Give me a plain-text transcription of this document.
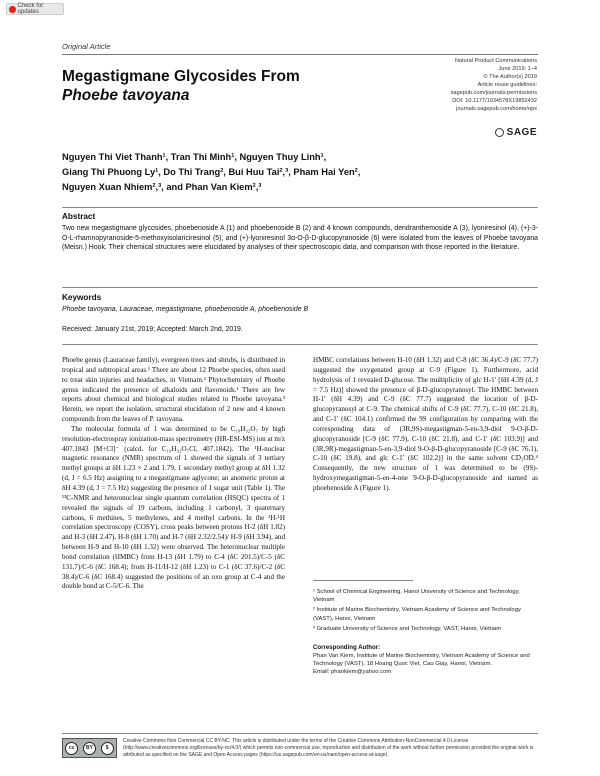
Check for updates
Original Article
Megastigmane Glycosides From
Phoebe tavoyana
Natural Product Communications
June 2019: 1–4
© The Author(s) 2019
Article reuse guidelines:
sagepub.com/journals-permissions
DOI: 10.1177/1934578X19852432
journals.sagepub.com/home/npx
SAGE
Nguyen Thi Viet Thanh¹, Tran Thi Minh¹, Nguyen Thuy Linh¹,
Giang Thi Phuong Ly¹, Do Thi Trang², Bui Huu Tai²,³, Pham Hai Yen²,
Nguyen Xuan Nhiem²,³, and Phan Van Kiem²,³
Abstract
Two new megastigmane glycosides, phoebenoside A (1) and phoebenoside B (2) and 4 known compounds, dendranthemoside A (3), lyoniresinol (4), (+)-3-O-L-rhamnopyranoside-5-methoxyisolariciresinol (5), and (+)-lyoniresinol 3α-O-β-D-glucopyranoside (6) were isolated from the leaves of Phoebe tavoyana (Meisn.) Hook. Their chemical structures were elucidated by analyses of their spectroscopic data, and comparison with those reported in the literature.
Keywords
Phoebe tavoyana, Lauraceae, megastigmane, phoebenoside A, phoebenoside B
Received: January 21st, 2019; Accepted: March 2nd, 2019.

Phoebe genus (Lauraceae family), evergreen trees and shrubs, is distributed in tropical and subtropical areas.¹ There are about 12 Phoebe species, often used to treat skin injuries and headaches, in Vietnam.² Phytochemistry of Phoebe genus indicated the presence of alkaloids and flavonoids.¹ There are few reports about chemical and biological studies related to Phoebe tavoyana.³ Herein, we report the isolation, structural elucidation of 2 new and 4 known compounds from the leaves of P. tavoyana.

The molecular formula of 1 was determined to be C₁₉H₃₂O₇ by high resolution-electrospray ionization-mass spectrometry (HR-ESI-MS) ion at m/z 407.1843 [M+Cl]⁻ (calcd. for C₁₉H₃₂O₇Cl, 407.1842). The ¹H-nuclear magnetic resonance (NMR) spectrum of 1 showed the signals of 3 tertiary methyl groups at δH 1.23 × 2 and 1.79, 1 secondary methyl group at δH 1.32 (d, J = 6.5 Hz) assigning to a megastigmane aglycone; an anomeric proton at δH 4.39 (d, J = 7.5 Hz) suggesting the presence of 1 sugar unit (Table 1). The ¹³C-NMR and heteronuclear single quantum correlation (HSQC) spectra of 1 revealed the signals of 19 carbons, including 1 carbonyl, 3 quaternary carbons, 6 methines, 5 methylenes, and 4 methyl carbons. In the ¹H-¹H correlation spectroscopy (COSY), cross peaks between protons H-2 (δH 1.82) and H-3 (δH 2.47), H-8 (δH 1.70) and H-7 (δH 2.32/2.54)/ H-9 (δH 3.94), and between H-9 and H-10 (δH 1.32) were observed. The heteronuclear multiple bond correlation (HMBC) from H-13 (δH 1.79) to C-4 (δC 201.5)/C-5 (δC 131.7)/C-6 (δC 168.4); from H-11/H-12 (δH 1.23) to C-1 (δC 37.6)/C-2 (δC 38.4)/C-6 (δC 168.4) suggested the positions of an oxo group at C-4 and the double bond at C-5/C-6. The

HMBC correlations between H-10 (δH 1.32) and C-8 (δC 36.4)/C-9 (δC 77.7) suggested the oxygenated group at C-9 (Figure 1). Furthermore, acid hydrolysis of 1 revealed D-glucose. The multiplicity of glc H-1′ [δH 4.39 (d, J = 7.5 Hz)] showed the presence of β-D-glucopyranosyl. The HMBC between H-1′ (δH 4.39) and C-9 (δC 77.7) suggested the location of β-D-glucopyranosyl at C-9. The chemical shifts of C-9 (δC 77.7), C-10 (δC 21.8), and C-1′ (δC 104.1) confirmed the 9S configuration by comparing with the corresponding data of (3R,9S)-megastigman-5-en-3,9-diol 9-O-β-D-glucopyranoside [C-9 (δC 77.9), C-10 (δC 21.8), and C-1′ (δC 103.9)] and (3R,9R)-megastigman-5-en-3,9-diol 9-O-β-D-glucopyranoside [C-9 (δC 76.1), C-10 (δC 19.8), and glc C-1′ (δC 102.2)] in the same solvent CD₃OD.⁴ Consequently, the new structure of 1 was determined to be (9S)-hydroxymegastigman-5-en-4-one 9-O-β-D-glucopyranoside and named as phoebenoside A (Figure 1).

¹ School of Chemical Engineering, Hanoi University of Science and Technology, Vietnam
² Institute of Marine Biochemistry, Vietnam Academy of Science and Technology (VAST), Hanoi, Vietnam
³ Graduate University of Science and Technology, VAST, Hanoi, Vietnam
Corresponding Author:
Phan Van Kiem, Institute of Marine Biochemistry, Vietnam Academy of Science and Technology (VAST), 18 Hoang Quoc Viet, Cau Giay, Hanoi, Vietnam.
Email: phankiem@yahoo.com
cc	BY	$
Creative Commons Non Commercial CC BY-NC: This article is distributed under the terms of the Creative Commons Attribution-NonCommercial 4.0 License (http://www.creativecommons.org/licenses/by-nc/4.0/) which permits non-commercial use, reproduction and distribution of the work without further permission provided the original work is attributed as specified on the SAGE and Open Access pages (https://us.sagepub.com/en-us/nam/open-access-at-sage).
